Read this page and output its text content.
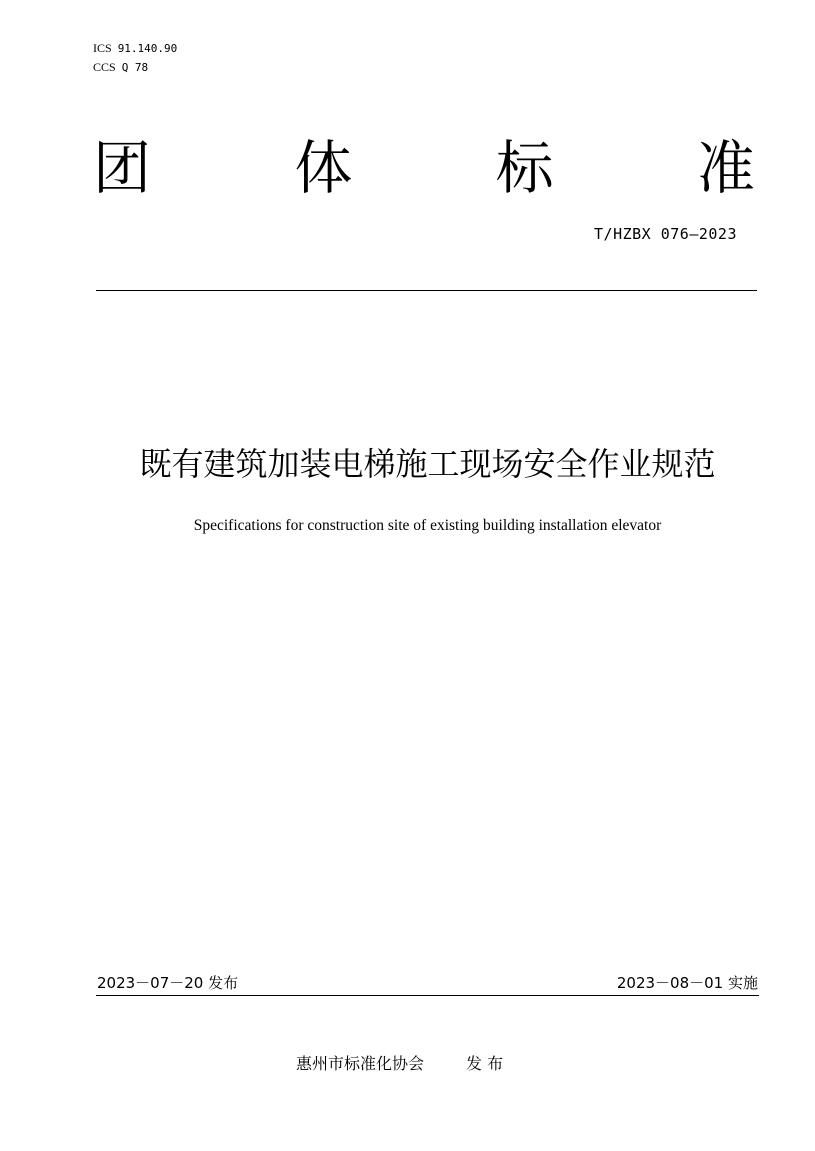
ICS 91.140.90
CCS Q 78
团 体 标 准
T/HZBX 076—2023
既有建筑加装电梯施工现场安全作业规范
Specifications for construction site of existing building installation elevator
2023－07－20 发布	2023－08－01 实施
惠州市标准化协会	发 布
